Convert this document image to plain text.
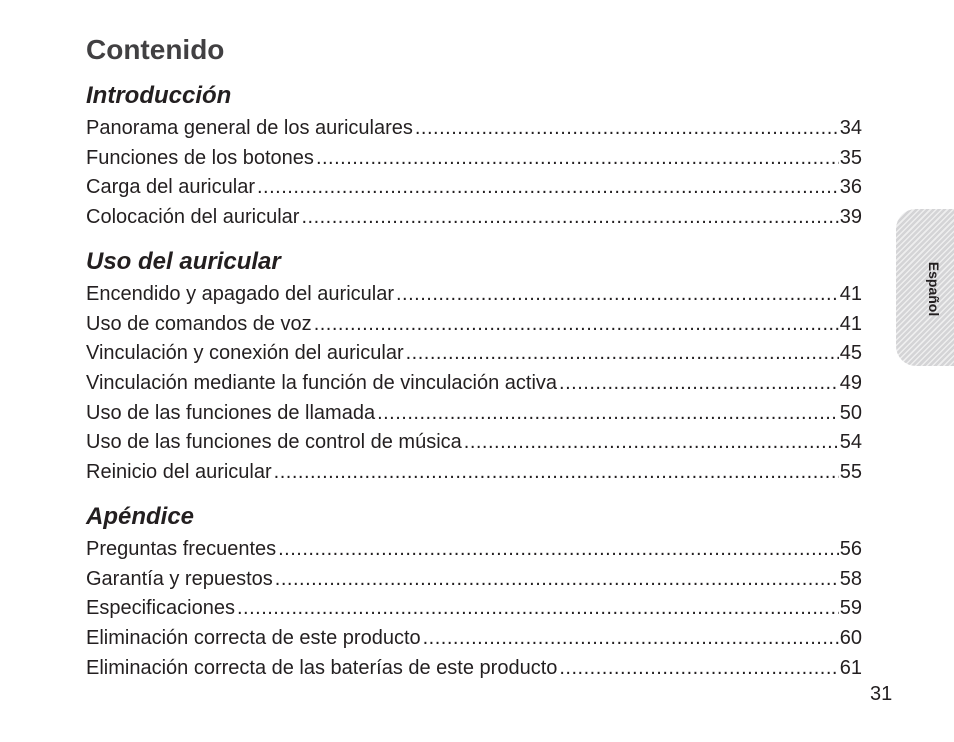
Contenido
Introducción
Panorama general de los auriculares .....	34
Funciones de los botones .....	35
Carga del auricular .....	36
Colocación del auricular .....	39
Uso del auricular
Encendido y apagado del auricular .....	41
Uso de comandos de voz .....	41
Vinculación y conexión del auricular .....	45
Vinculación mediante la función de vinculación activa .....	49
Uso de las funciones de llamada .....	50
Uso de las funciones de control de música .....	54
Reinicio del auricular .....	55
Apéndice
Preguntas frecuentes .....	56
Garantía y repuestos .....	58
Especificaciones .....	59
Eliminación correcta de este producto .....	60
Eliminación correcta de las baterías de este producto .....	61
Español
31
